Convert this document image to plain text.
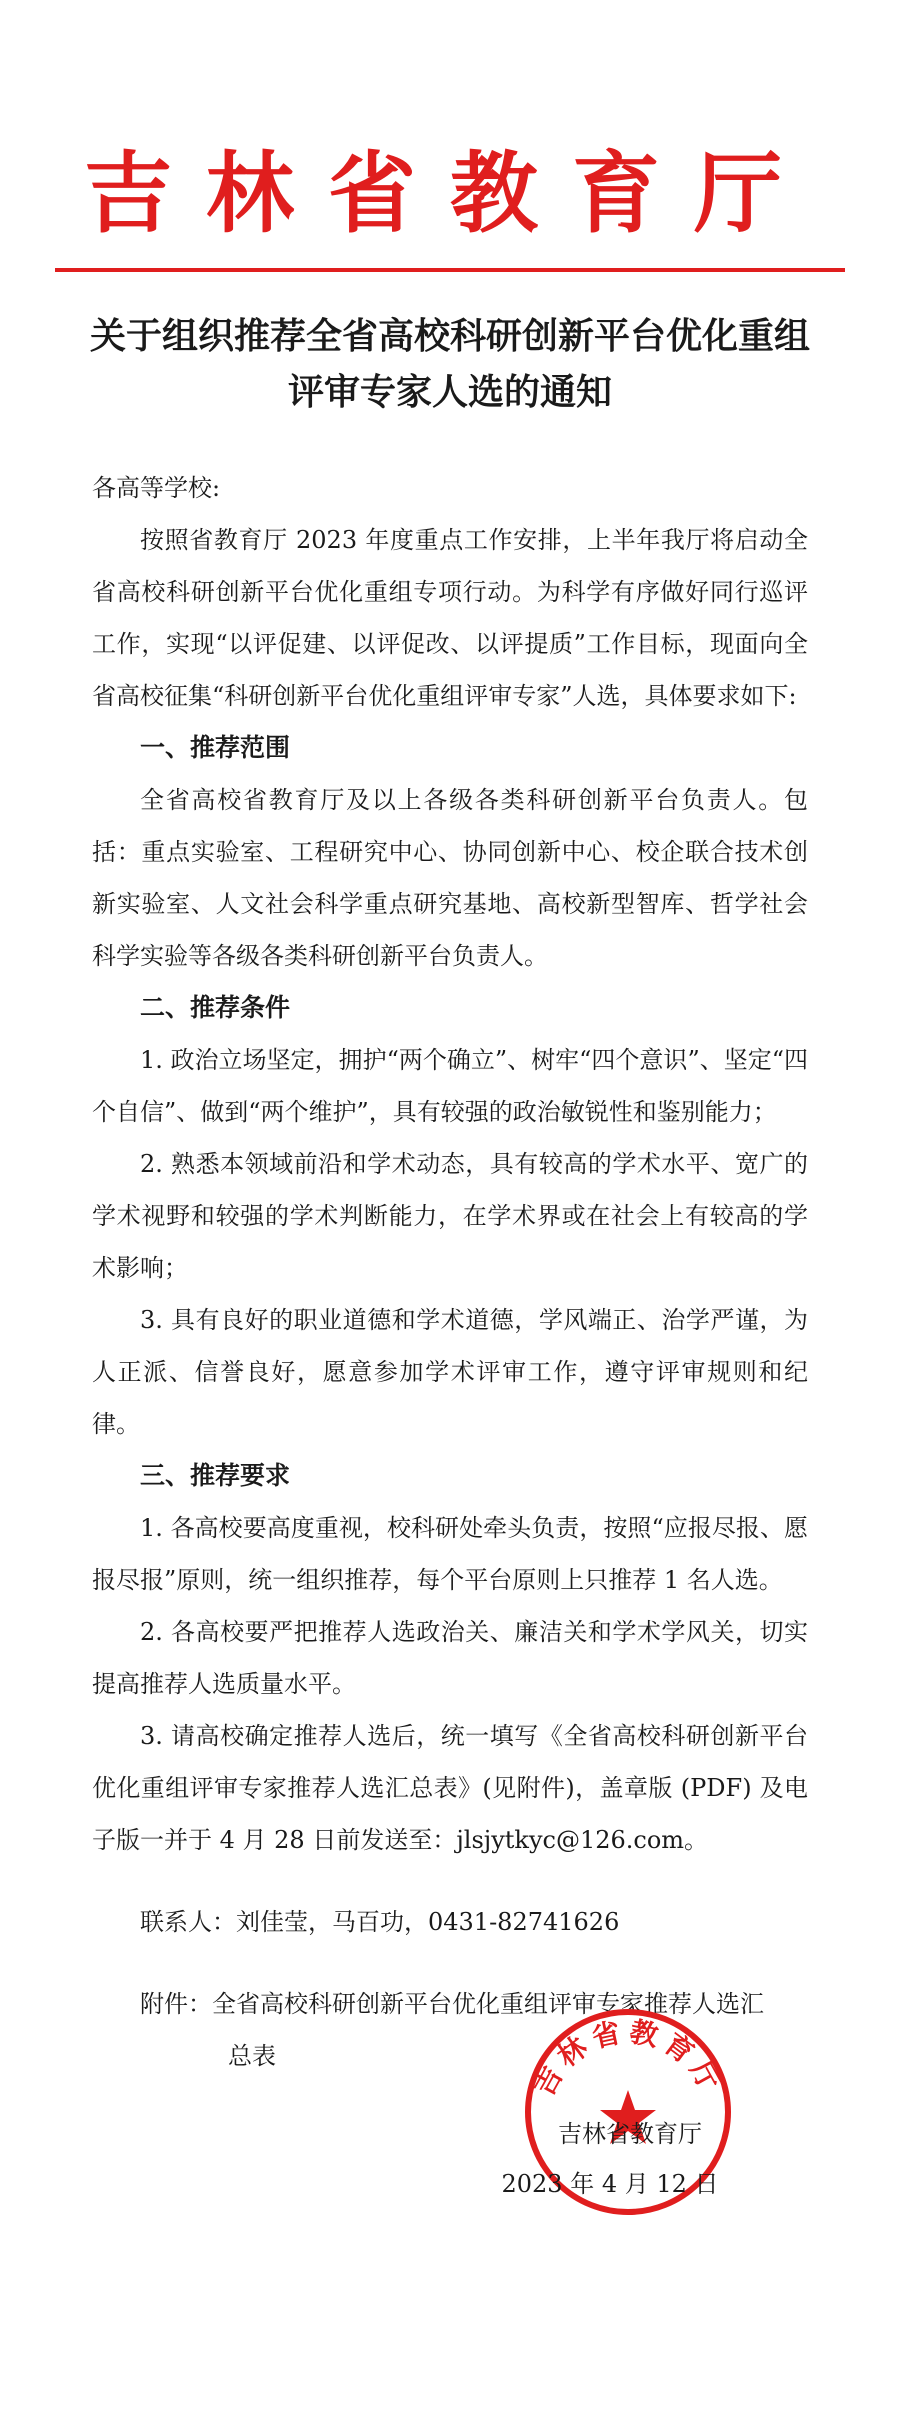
吉林省教育厅
关于组织推荐全省高校科研创新平台优化重组
评审专家人选的通知
各高等学校:

按照省教育厅 2023 年度重点工作安排，上半年我厅将启动全省高校科研创新平台优化重组专项行动。为科学有序做好同行巡评工作，实现“以评促建、以评促改、以评提质”工作目标，现面向全省高校征集“科研创新平台优化重组评审专家”人选，具体要求如下:

一、推荐范围

全省高校省教育厅及以上各级各类科研创新平台负责人。包括：重点实验室、工程研究中心、协同创新中心、校企联合技术创新实验室、人文社会科学重点研究基地、高校新型智库、哲学社会科学实验等各级各类科研创新平台负责人。

二、推荐条件

1. 政治立场坚定，拥护“两个确立”、树牢“四个意识”、坚定“四个自信”、做到“两个维护”，具有较强的政治敏锐性和鉴别能力；

2. 熟悉本领域前沿和学术动态，具有较高的学术水平、宽广的学术视野和较强的学术判断能力，在学术界或在社会上有较高的学术影响；

3. 具有良好的职业道德和学术道德，学风端正、治学严谨，为人正派、信誉良好，愿意参加学术评审工作，遵守评审规则和纪律。

三、推荐要求

1. 各高校要高度重视，校科研处牵头负责，按照“应报尽报、愿报尽报”原则，统一组织推荐，每个平台原则上只推荐 1 名人选。

2. 各高校要严把推荐人选政治关、廉洁关和学术学风关，切实提高推荐人选质量水平。

3. 请高校确定推荐人选后，统一填写《全省高校科研创新平台优化重组评审专家推荐人选汇总表》(见附件)，盖章版 (PDF) 及电子版一并于 4 月 28 日前发送至：jlsjytkyc@126.com。

联系人：刘佳莹，马百功，0431-82741626

附件：全省高校科研创新平台优化重组评审专家推荐人选汇

总表	吉林省教育厅
吉林省教育厅
2023 年 4 月 12 日
